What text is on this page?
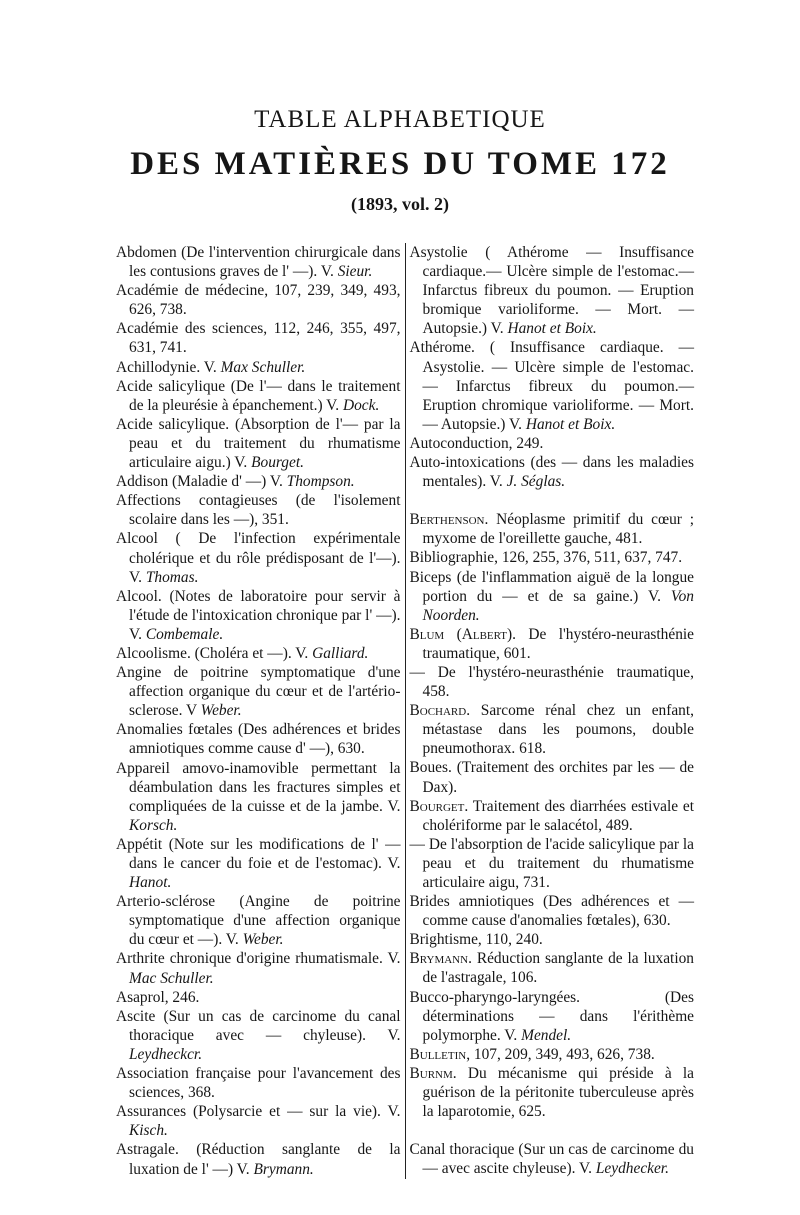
TABLE ALPHABETIQUE
DES MATIÈRES DU TOME 172
(1893, vol. 2)
Abdomen (De l'intervention chirurgicale dans les contusions graves de l' —). V. Sieur.
Académie de médecine, 107, 239, 349, 493, 626, 738.
Académie des sciences, 112, 246, 355, 497, 631, 741.
Achillodynie. V. Max Schuller.
Acide salicylique (De l'— dans le traitement de la pleurésie à épanchement.) V. Dock.
Acide salicylique. (Absorption de l'— par la peau et du traitement du rhumatisme articulaire aigu.) V. Bourget.
Addison (Maladie d' —) V. Thompson.
Affections contagieuses (de l'isolement scolaire dans les —), 351.
Alcool ( De l'infection expérimentale cholérique et du rôle prédisposant de l'—). V. Thomas.
Alcool. (Notes de laboratoire pour servir à l'étude de l'intoxication chronique par l' —). V. Combemale.
Alcoolisme. (Choléra et —). V. Galliard.
Angine de poitrine symptomatique d'une affection organique du cœur et de l'artério-sclerose. V Weber.
Anomalies fœtales (Des adhérences et brides amniotiques comme cause d' —), 630.
Appareil amovo-inamovible permettant la déambulation dans les fractures simples et compliquées de la cuisse et de la jambe. V. Korsch.
Appétit (Note sur les modifications de l' — dans le cancer du foie et de l'estomac). V. Hanot.
Arterio-sclérose (Angine de poitrine symptomatique d'une affection organique du cœur et —). V. Weber.
Arthrite chronique d'origine rhumatismale. V. Mac Schuller.
Asaprol, 246.
Ascite (Sur un cas de carcinome du canal thoracique avec — chyleuse). V. Leydheckcr.
Association française pour l'avancement des sciences, 368.
Assurances (Polysarcie et — sur la vie). V. Kisch.
Astragale. (Réduction sanglante de la luxation de l' —) V. Brymann.
Asystolie ( Athérome — Insuffisance cardiaque.— Ulcère simple de l'estomac.— Infarctus fibreux du poumon. — Eruption bromique varioliforme. — Mort. — Autopsie.) V. Hanot et Boix.
Athérome. ( Insuffisance cardiaque. — Asystolie. — Ulcère simple de l'estomac. — Infarctus fibreux du poumon.— Eruption chromique varioliforme. — Mort. — Autopsie.) V. Hanot et Boix.
Autoconduction, 249.
Auto-intoxications (des — dans les maladies mentales). V. J. Séglas.
Berthenson. Néoplasme primitif du cœur ; myxome de l'oreillette gauche, 481.
Bibliographie, 126, 255, 376, 511, 637, 747.
Biceps (de l'inflammation aiguë de la longue portion du — et de sa gaine.) V. Von Noorden.
Blum (Albert). De l'hystéro-neurasthénie traumatique, 601.
— De l'hystéro-neurasthénie traumatique, 458.
Bochard. Sarcome rénal chez un enfant, métastase dans les poumons, double pneumothorax. 618.
Boues. (Traitement des orchites par les — de Dax).
Bourget. Traitement des diarrhées estivale et cholériforme par le salacétol, 489.
— De l'absorption de l'acide salicylique par la peau et du traitement du rhumatisme articulaire aigu, 731.
Brides amniotiques (Des adhérences et — comme cause d'anomalies fœtales), 630.
Brightisme, 110, 240.
Brymann. Réduction sanglante de la luxation de l'astragale, 106.
Bucco-pharyngo-laryngées. (Des déterminations — dans l'érithème polymorphe. V. Mendel.
Bulletin, 107, 209, 349, 493, 626, 738.
Burnm. Du mécanisme qui préside à la guérison de la péritonite tuberculeuse après la laparotomie, 625.
Canal thoracique (Sur un cas de carcinome du — avec ascite chyleuse). V. Leydhecker.
